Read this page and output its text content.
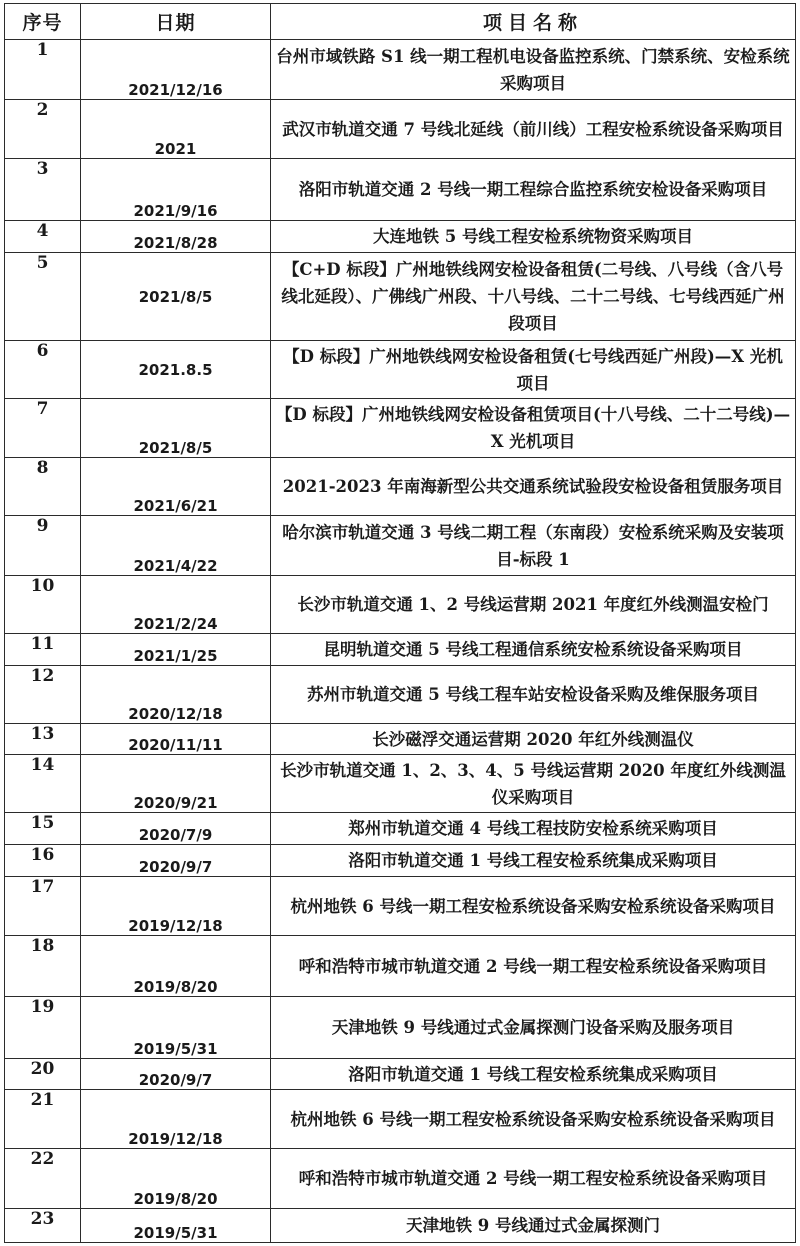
序号	日期	项目名称
1	2021/12/16	台州市域铁路 S1 线一期工程机电设备监控系统、门禁系统、安检系统采购项目
2	2021	武汉市轨道交通 7 号线北延线（前川线）工程安检系统设备采购项目
3	2021/9/16	洛阳市轨道交通 2 号线一期工程综合监控系统安检设备采购项目
4	2021/8/28	大连地铁 5 号线工程安检系统物资采购项目
5	2021/8/5	【C+D 标段】广州地铁线网安检设备租赁(二号线、八号线（含八号线北延段）、广佛线广州段、十八号线、二十二号线、七号线西延广州段项目
6	2021.8.5	【D 标段】广州地铁线网安检设备租赁(七号线西延广州段)—X 光机项目
7	2021/8/5	【D 标段】广州地铁线网安检设备租赁项目(十八号线、二十二号线)—X 光机项目
8	2021/6/21	2021-2023 年南海新型公共交通系统试验段安检设备租赁服务项目
9	2021/4/22	哈尔滨市轨道交通 3 号线二期工程（东南段）安检系统采购及安装项目-标段 1
10	2021/2/24	长沙市轨道交通 1、2 号线运营期 2021 年度红外线测温安检门
11	2021/1/25	昆明轨道交通 5 号线工程通信系统安检系统设备采购项目
12	2020/12/18	苏州市轨道交通 5 号线工程车站安检设备采购及维保服务项目
13	2020/11/11	长沙磁浮交通运营期 2020 年红外线测温仪
14	2020/9/21	长沙市轨道交通 1、2、3、4、5 号线运营期 2020 年度红外线测温仪采购项目
15	2020/7/9	郑州市轨道交通 4 号线工程技防安检系统采购项目
16	2020/9/7	洛阳市轨道交通 1 号线工程安检系统集成采购项目
17	2019/12/18	杭州地铁 6 号线一期工程安检系统设备采购安检系统设备采购项目
18	2019/8/20	呼和浩特市城市轨道交通 2 号线一期工程安检系统设备采购项目
19	2019/5/31	天津地铁 9 号线通过式金属探测门设备采购及服务项目
20	2020/9/7	洛阳市轨道交通 1 号线工程安检系统集成采购项目
21	2019/12/18	杭州地铁 6 号线一期工程安检系统设备采购安检系统设备采购项目
22	2019/8/20	呼和浩特市城市轨道交通 2 号线一期工程安检系统设备采购项目
23	2019/5/31	天津地铁 9 号线通过式金属探测门
